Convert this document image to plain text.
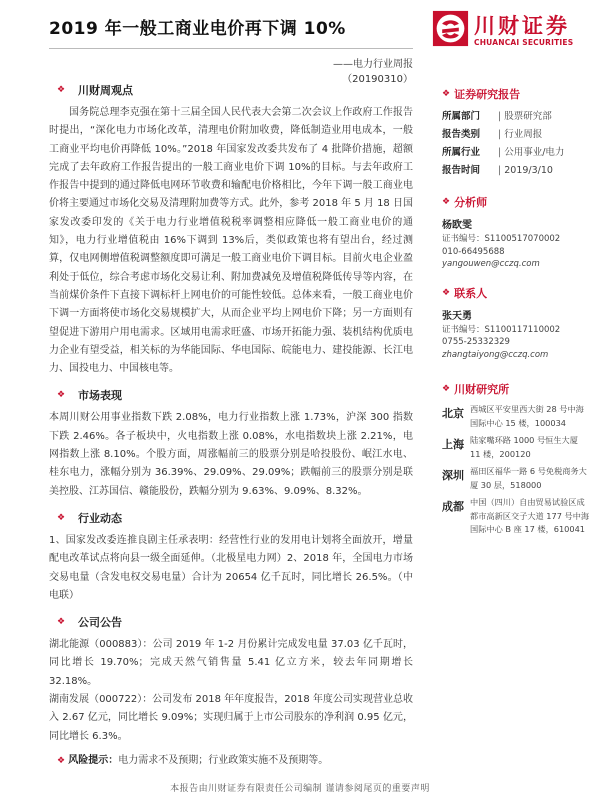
2019 年一般工商业电价再下调 10%
——电力行业周报（20190310）
川财证券
CHUANCAI SECURITIES
❖ 川财周观点

国务院总理李克强在第十三届全国人民代表大会第二次会议上作政府工作报告时提出，“深化电力市场化改革，清理电价附加收费，降低制造业用电成本，一般工商业平均电价再降低 10%。”2018 年国家发改委共发布了 4 批降价措施，超额完成了去年政府工作报告提出的一般工商业电价下调 10%的目标。与去年政府工作报告中提到的通过降低电网环节收费和输配电价格相比，今年下调一般工商业电价将主要通过市场化交易及清理附加费等方式。此外，参考 2018 年 5 月 18 日国家发改委印发的《关于电力行业增值税税率调整相应降低一般工商业电价的通知》，电力行业增值税由 16%下调到 13%后，类似政策也将有望出台，经过测算，仅电网侧增值税调整额度即可满足一般工商业电价下调目标。目前火电企业盈利处于低位，综合考虑市场化交易让利、附加费减免及增值税降低传导等内容，在当前煤价条件下直接下调标杆上网电价的可能性较低。总体来看，一般工商业电价下调一方面将使市场化交易规模扩大，从而企业平均上网电价下降；另一方面则有望促进下游用户用电需求。区域用电需求旺盛、市场开拓能力强、装机结构优质电力企业有望受益，相关标的为华能国际、华电国际、皖能电力、建投能源、长江电力、国投电力、中国核电等。

❖ 市场表现

本周川财公用事业指数下跌 2.08%，电力行业指数上涨 1.73%，沪深 300 指数下跌 2.46%。各子板块中，火电指数上涨 0.08%，水电指数块上涨 2.21%，电网指数上涨 8.10%。个股方面，周涨幅前三的股票分别是哈投股份、岷江水电、桂东电力，涨幅分别为 36.39%、29.09%、29.09%；跌幅前三的股票分别是联美控股、江苏国信、赣能股份，跌幅分别为 9.63%、9.09%、8.32%。

❖ 行业动态

1、国家发改委连推良剧主任承表明：经营性行业的发用电计划将全面放开，增量配电改革试点将向县一级全面延伸。（北极星电力网）2、2018 年，全国电力市场交易电量（含发电权交易电量）合计为 20654 亿千瓦时，同比增长 26.5%。（中电联）

❖ 公司公告

湖北能源（000883）：公司 2019 年 1-2 月份累计完成发电量 37.03 亿千瓦时，同比增长 19.70%；完成天然气销售量 5.41 亿立方米，较去年同期增长 32.18%。

湖南发展（000722）：公司发布 2018 年年度报告，2018 年度公司实现营业总收入 2.67 亿元，同比增长 9.09%；实现归属于上市公司股东的净利润 0.95 亿元，同比增长 6.3%。

❖ 风险提示：电力需求不及预期；行业政策实施不及预期等。
❖ 证券研究报告
所属部门	| 股票研究部
报告类别	| 行业周报
所属行业	| 公用事业/电力
报告时间	| 2019/3/10
❖ 分析师
杨欧雯
证书编号：S1100517070002
010-66495688
yangouwen@cczq.com
❖ 联系人
张天勇
证书编号：S1100117110002
0755-25332329
zhangtaiyong@cczq.com
❖ 川财研究所
北京 西城区平安里西大街 28 号中海国际中心 15 楼，100034
上海 陆家嘴环路 1000 号恒生大厦 11 楼，200120
深圳 福田区福华一路 6 号免税商务大厦 30 层，518000
成都 中国（四川）自由贸易试验区成都市高新区交子大道 177 号中海国际中心 B 座 17 楼，610041
本报告由川财证券有限责任公司编制 谨请参阅尾页的重要声明
